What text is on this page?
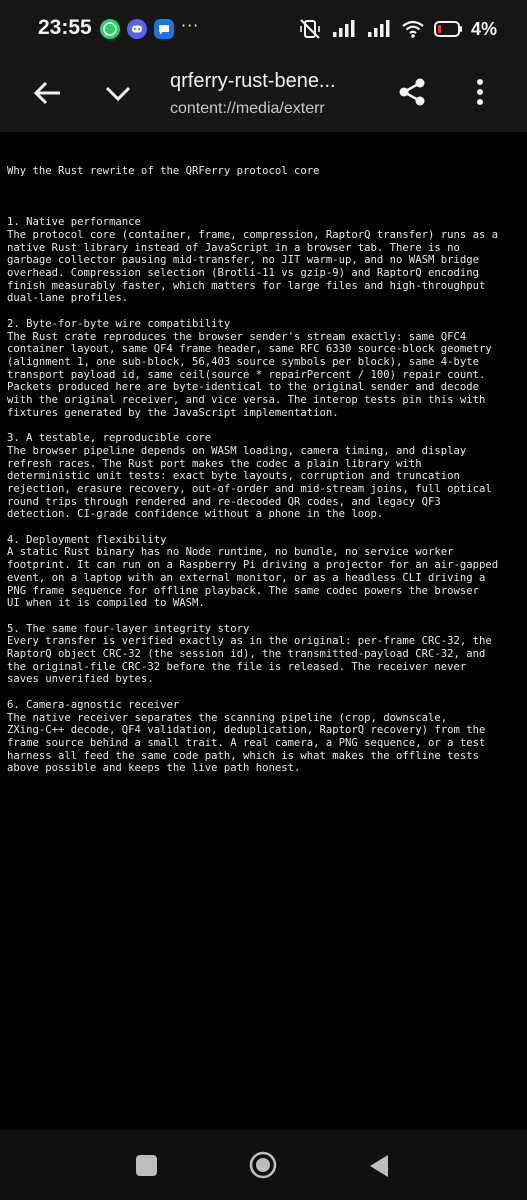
23:55	···	4%
qrferry-rust-bene...
content://media/exterr

Why the Rust rewrite of the QRFerry protocol core

1. Native performance
The protocol core (container, frame, compression, RaptorQ transfer) runs as a
native Rust library instead of JavaScript in a browser tab. There is no
garbage collector pausing mid-transfer, no JIT warm-up, and no WASM bridge
overhead. Compression selection (Brotli-11 vs gzip-9) and RaptorQ encoding
finish measurably faster, which matters for large files and high-throughput
dual-lane profiles.
2. Byte-for-byte wire compatibility
The Rust crate reproduces the browser sender's stream exactly: same QFC4
container layout, same QF4 frame header, same RFC 6330 source-block geometry
(alignment 1, one sub-block, 56,403 source symbols per block), same 4-byte
transport payload id, same ceil(source * repairPercent / 100) repair count.
Packets produced here are byte-identical to the original sender and decode
with the original receiver, and vice versa. The interop tests pin this with
fixtures generated by the JavaScript implementation.
3. A testable, reproducible core
The browser pipeline depends on WASM loading, camera timing, and display
refresh races. The Rust port makes the codec a plain library with
deterministic unit tests: exact byte layouts, corruption and truncation
rejection, erasure recovery, out-of-order and mid-stream joins, full optical
round trips through rendered and re-decoded QR codes, and legacy QF3
detection. CI-grade confidence without a phone in the loop.
4. Deployment flexibility
A static Rust binary has no Node runtime, no bundle, no service worker
footprint. It can run on a Raspberry Pi driving a projector for an air-gapped
event, on a laptop with an external monitor, or as a headless CLI driving a
PNG frame sequence for offline playback. The same codec powers the browser
UI when it is compiled to WASM.
5. The same four-layer integrity story
Every transfer is verified exactly as in the original: per-frame CRC-32, the
RaptorQ object CRC-32 (the session id), the transmitted-payload CRC-32, and
the original-file CRC-32 before the file is released. The receiver never
saves unverified bytes.
6. Camera-agnostic receiver
The native receiver separates the scanning pipeline (crop, downscale,
ZXing-C++ decode, QF4 validation, deduplication, RaptorQ recovery) from the
frame source behind a small trait. A real camera, a PNG sequence, or a test
harness all feed the same code path, which is what makes the offline tests
above possible and keeps the live path honest.
